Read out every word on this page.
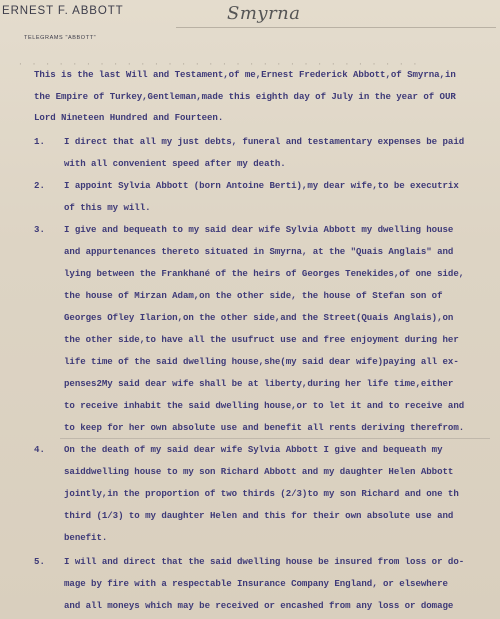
ERNEST F. ABBOTT
TELEGRAMS "ABBOTT"
Smyrna
· · · · · · · · · · · · · · · · · · · · · · · · · · · · · ·
This is the last Will and Testament,of me,Ernest Frederick Abbott,of Smyrna,in
the Empire of Turkey,Gentleman,made this eighth day of July in the year of OUR
Lord Nineteen Hundred and Fourteen.
1. I direct that all my just debts, funeral and testamentary expenses be paid
with all convenient speed after my death.
2. I appoint Sylvia Abbott (born Antoine Berti),my dear wife,to be executrix
of this my will.
3. I give and bequeath to my said dear wife Sylvia Abbott my dwelling house
and appurtenances thereto situated in Smyrna, at the "Quais Anglais" and
lying between the Frankhané of the heirs of Georges Tenekides,of one side,
the house of Mirzan Adam,on the other side, the house of Stefan son of
Georges Ofley Ilarion,on the other side,and the Street(Quais Anglais),on
the other side,to have all the usufruct use and free enjoyment during her
life time of the said dwelling house,she(my said dear wife)paying all ex-
penses2My said dear wife shall be at liberty,during her life time,either
to receive inhabit the said dwelling house,or to let it and to receive and
to keep for her own absolute use and benefit all rents deriving therefrom.
4. On the death of my said dear wife Sylvia Abbott I give and bequeath my
saiddwelling house to my son Richard Abbott and my daughter Helen Abbott
jointly,in the proportion of two thirds (2/3)to my son Richard and one th
third (1/3) to my daughter Helen and this for their own absolute use and
benefit.
5. I will and direct that the said dwelling house be insured from loss or do-
mage by fire with a respectable Insurance Company England, or elsewhere
and all moneys which may be received or encashed from any loss or domage
